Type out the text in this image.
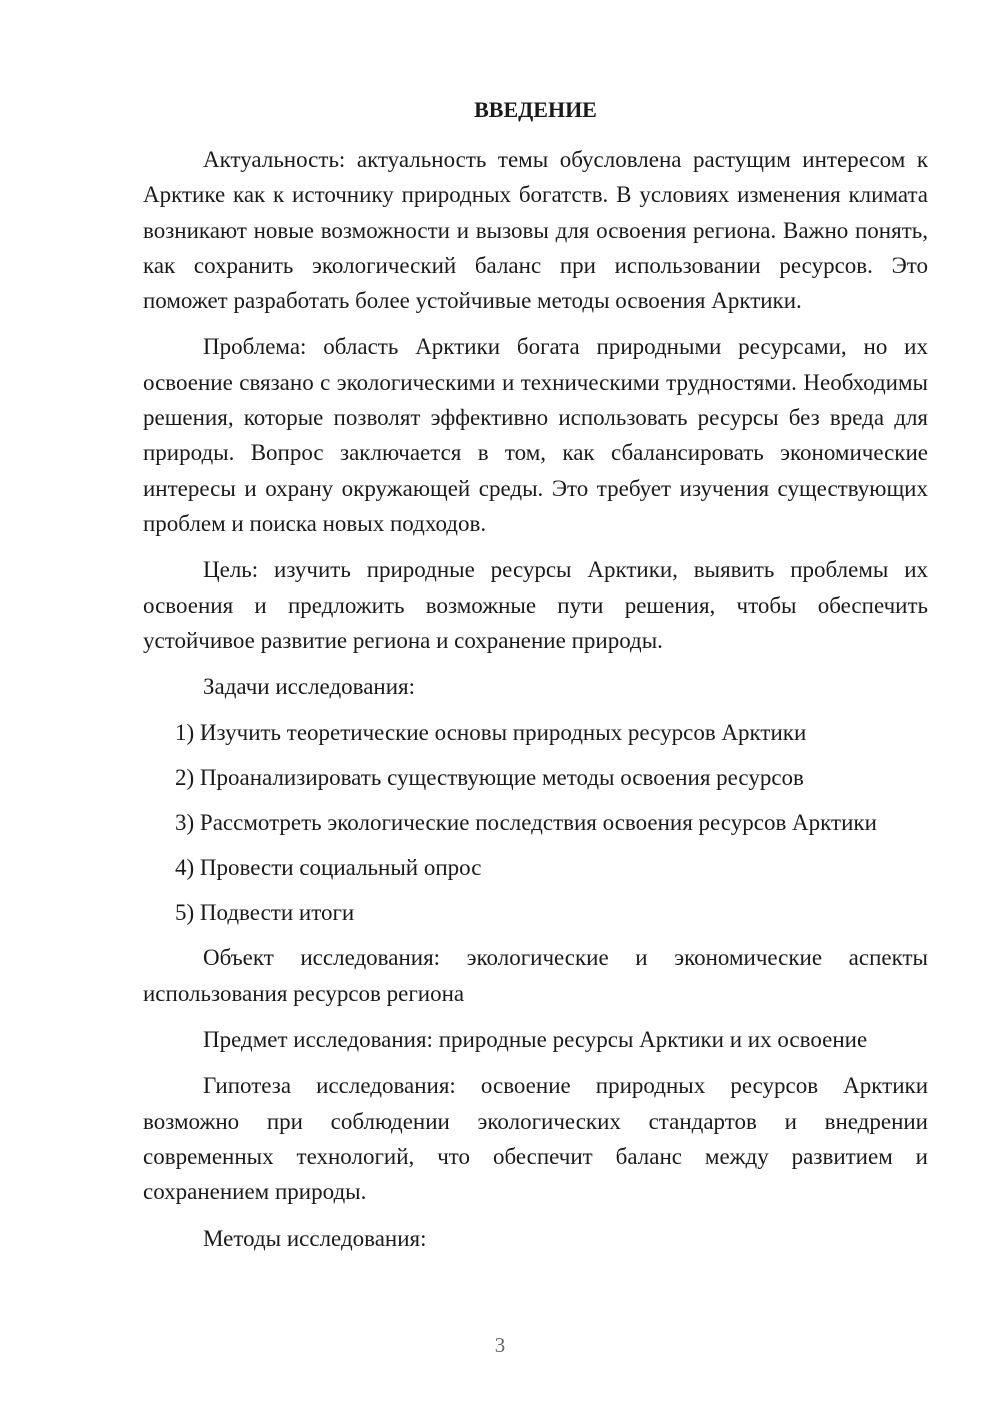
ВВЕДЕНИЕ

Актуальность: актуальность темы обусловлена растущим интересом к Арктике как к источнику природных богатств. В условиях изменения климата возникают новые возможности и вызовы для освоения региона. Важно понять, как сохранить экологический баланс при использовании ресурсов. Это поможет разработать более устойчивые методы освоения Арктики.

Проблема: область Арктики богата природными ресурсами, но их освоение связано с экологическими и техническими трудностями. Необходимы решения, которые позволят эффективно использовать ресурсы без вреда для природы. Вопрос заключается в том, как сбалансировать экономические интересы и охрану окружающей среды. Это требует изучения существующих проблем и поиска новых подходов.

Цель: изучить природные ресурсы Арктики, выявить проблемы их освоения и предложить возможные пути решения, чтобы обеспечить устойчивое развитие региона и сохранение природы.

Задачи исследования:

1) Изучить теоретические основы природных ресурсов Арктики
2) Проанализировать существующие методы освоения ресурсов
3) Рассмотреть экологические последствия освоения ресурсов Арктики
4) Провести социальный опрос
5) Подвести итоги

Объект исследования: экологические и экономические аспекты использования ресурсов региона

Предмет исследования: природные ресурсы Арктики и их освоение

Гипотеза исследования: освоение природных ресурсов Арктики возможно при соблюдении экологических стандартов и внедрении современных технологий, что обеспечит баланс между развитием и сохранением природы.

Методы исследования:

3
